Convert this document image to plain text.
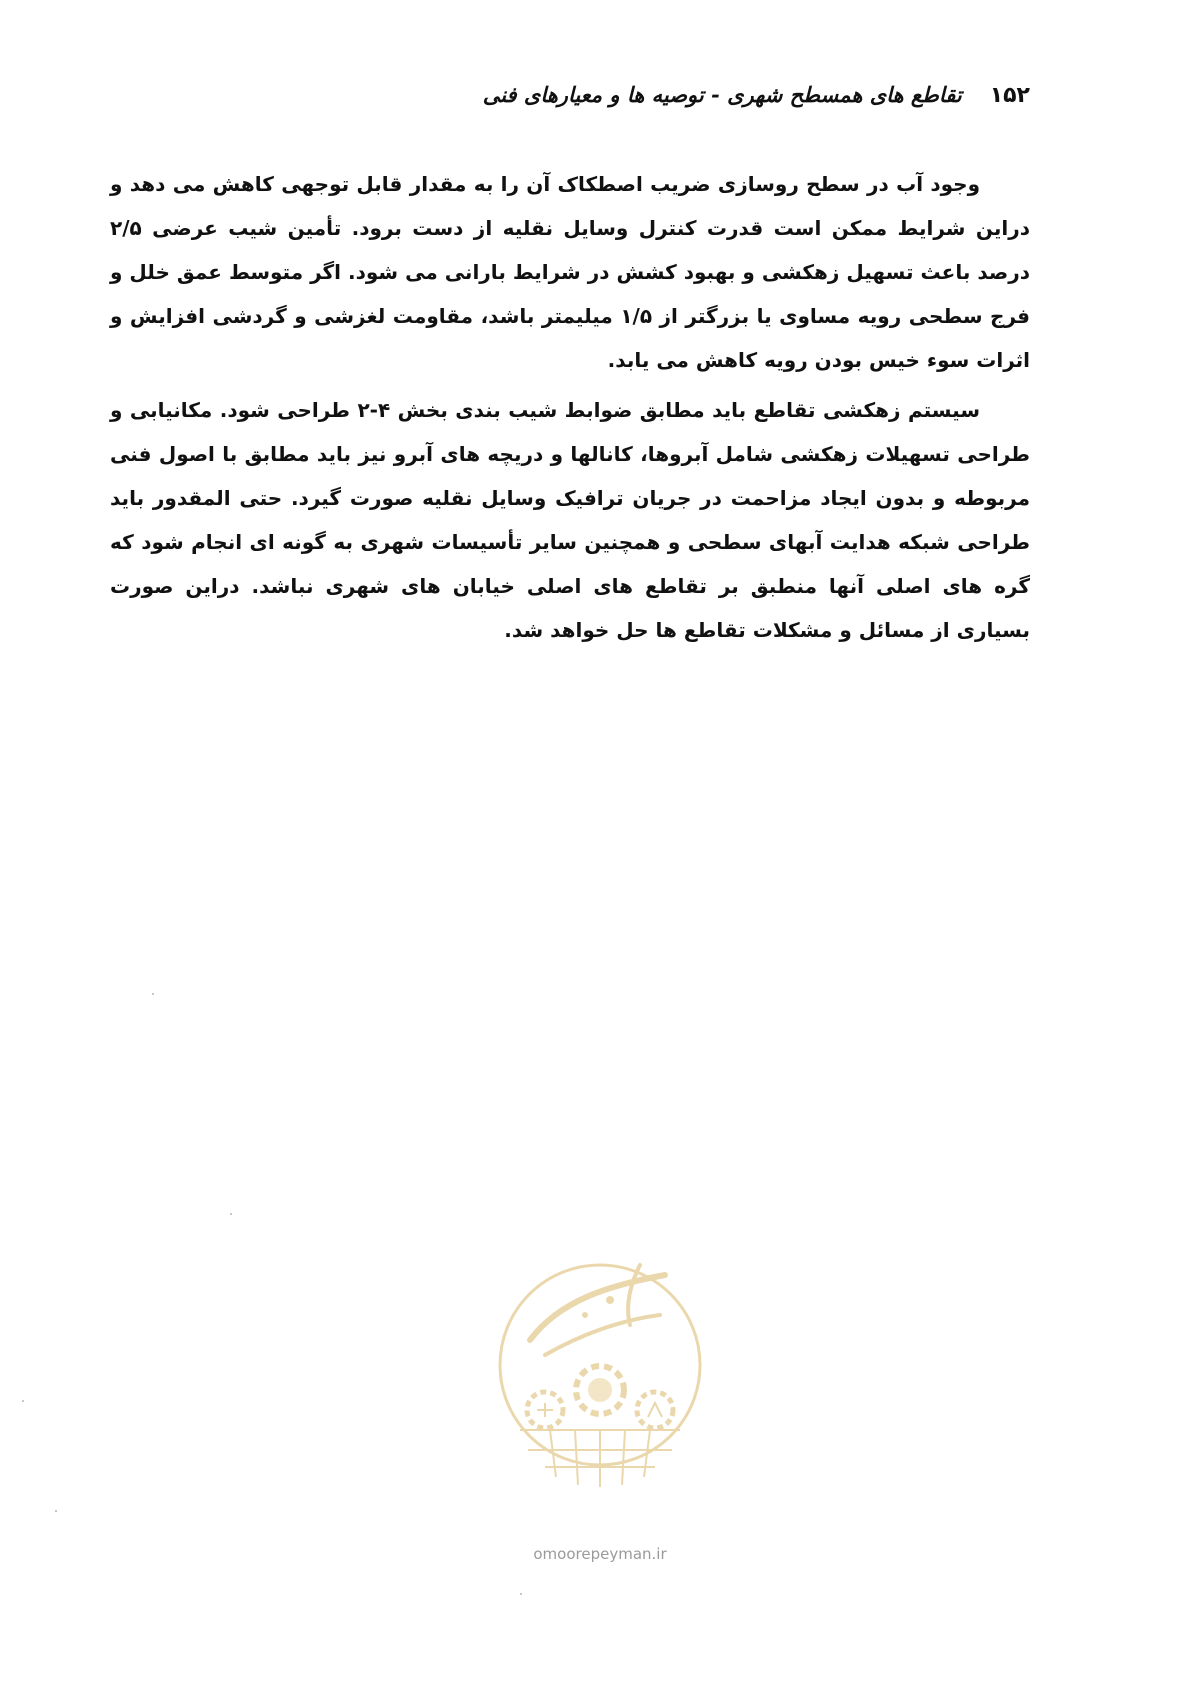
۱۵۲
تقاطع های همسطح شهری - توصیه ها و معیارهای فنی

وجود آب در سطح روسازی ضریب اصطکاک آن را به مقدار قابل توجهی کاهش می دهد و دراین شرایط ممکن است قدرت کنترل وسایل نقلیه از دست برود. تأمین شیب عرضی ۲/۵ درصد باعث تسهیل زهکشی و بهبود کشش در شرایط بارانی می شود. اگر متوسط عمق خلل و فرج سطحی رویه مساوی یا بزرگتر از ۱/۵ میلیمتر باشد، مقاومت لغزشی و گردشی افزایش و اثرات سوء خیس بودن رویه کاهش می یابد.

سیستم زهکشی تقاطع باید مطابق ضوابط شیب بندی بخش ۴-۲ طراحی شود. مکانیابی و طراحی تسهیلات زهکشی شامل آبروها، کانالها و دریچه های آبرو نیز باید مطابق با اصول فنی مربوطه و بدون ایجاد مزاحمت در جریان ترافیک وسایل نقلیه صورت گیرد. حتی المقدور باید طراحی شبکه هدایت آبهای سطحی و همچنین سایر تأسیسات شهری به گونه ای انجام شود که گره های اصلی آنها منطبق بر تقاطع های اصلی خیابان های شهری نباشد. دراین صورت بسیاری از مسائل و مشکلات تقاطع ها حل خواهد شد.

omoorepeyman.ir
